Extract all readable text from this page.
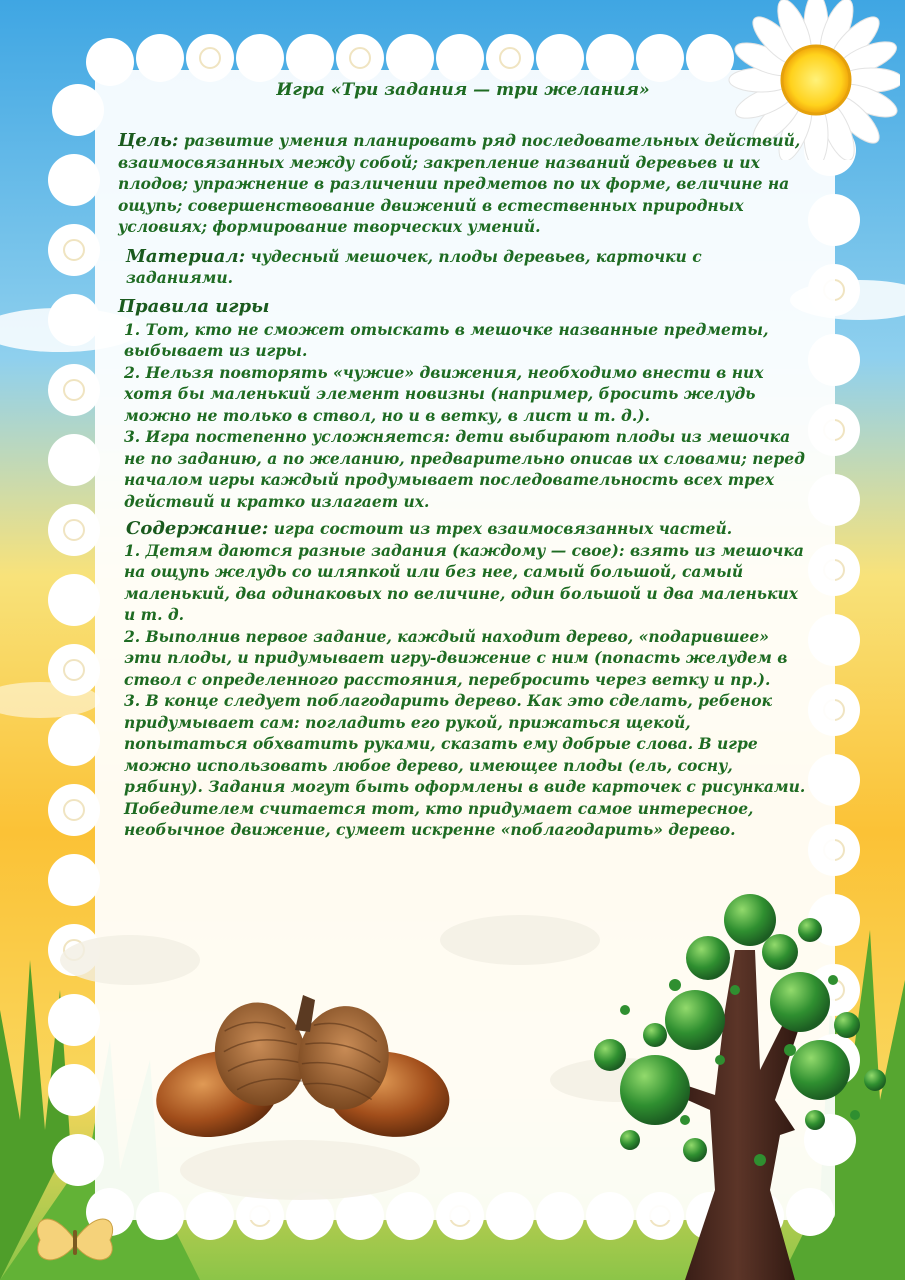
Игра «Три задания — три желания»

Цель: развитие умения планировать ряд последовательных действий, взаимосвязанных между собой; закрепление названий деревьев и их плодов; упражнение в различении предметов по их форме, величине на ощупь; совершенствование движений в естественных природных условиях; формирование творческих умений.

Материал: чудесный мешочек, плоды деревьев, карточки с заданиями.

Правила игры

1. Тот, кто не сможет отыскать в мешочке названные предметы, выбывает из игры.

2. Нельзя повторять «чужие» движения, необходимо внести в них хотя бы маленький элемент новизны (например, бросить желудь можно не только в ствол, но и в ветку, в лист и т. д.).

3. Игра постепенно усложняется: дети выбирают плоды из мешочка не по заданию, а по желанию, предварительно описав их словами; перед началом игры каждый продумывает последовательность всех трех действий и кратко излагает их.

Содержание: игра состоит из трех взаимосвязанных частей.

1. Детям даются разные задания (каждому — свое): взять из мешочка на ощупь желудь со шляпкой или без нее, самый большой, самый маленький, два одинаковых по величине, один большой и два маленьких и т. д.

2. Выполнив первое задание, каждый находит дерево, «подарившее» эти плоды, и придумывает игру-движение с ним (попасть желудем в ствол с определенного расстояния, перебросить через ветку и пр.).

3. В конце следует поблагодарить дерево. Как это сделать, ребенок придумывает сам: погладить его рукой, прижаться щекой, попытаться обхватить руками, сказать ему добрые слова. В игре можно использовать любое дерево, имеющее плоды (ель, сосну, рябину). Задания могут быть оформлены в виде карточек с рисунками. Победителем считается тот, кто придумает самое интересное, необычное движение, сумеет искренне «поблагодарить» дерево.
